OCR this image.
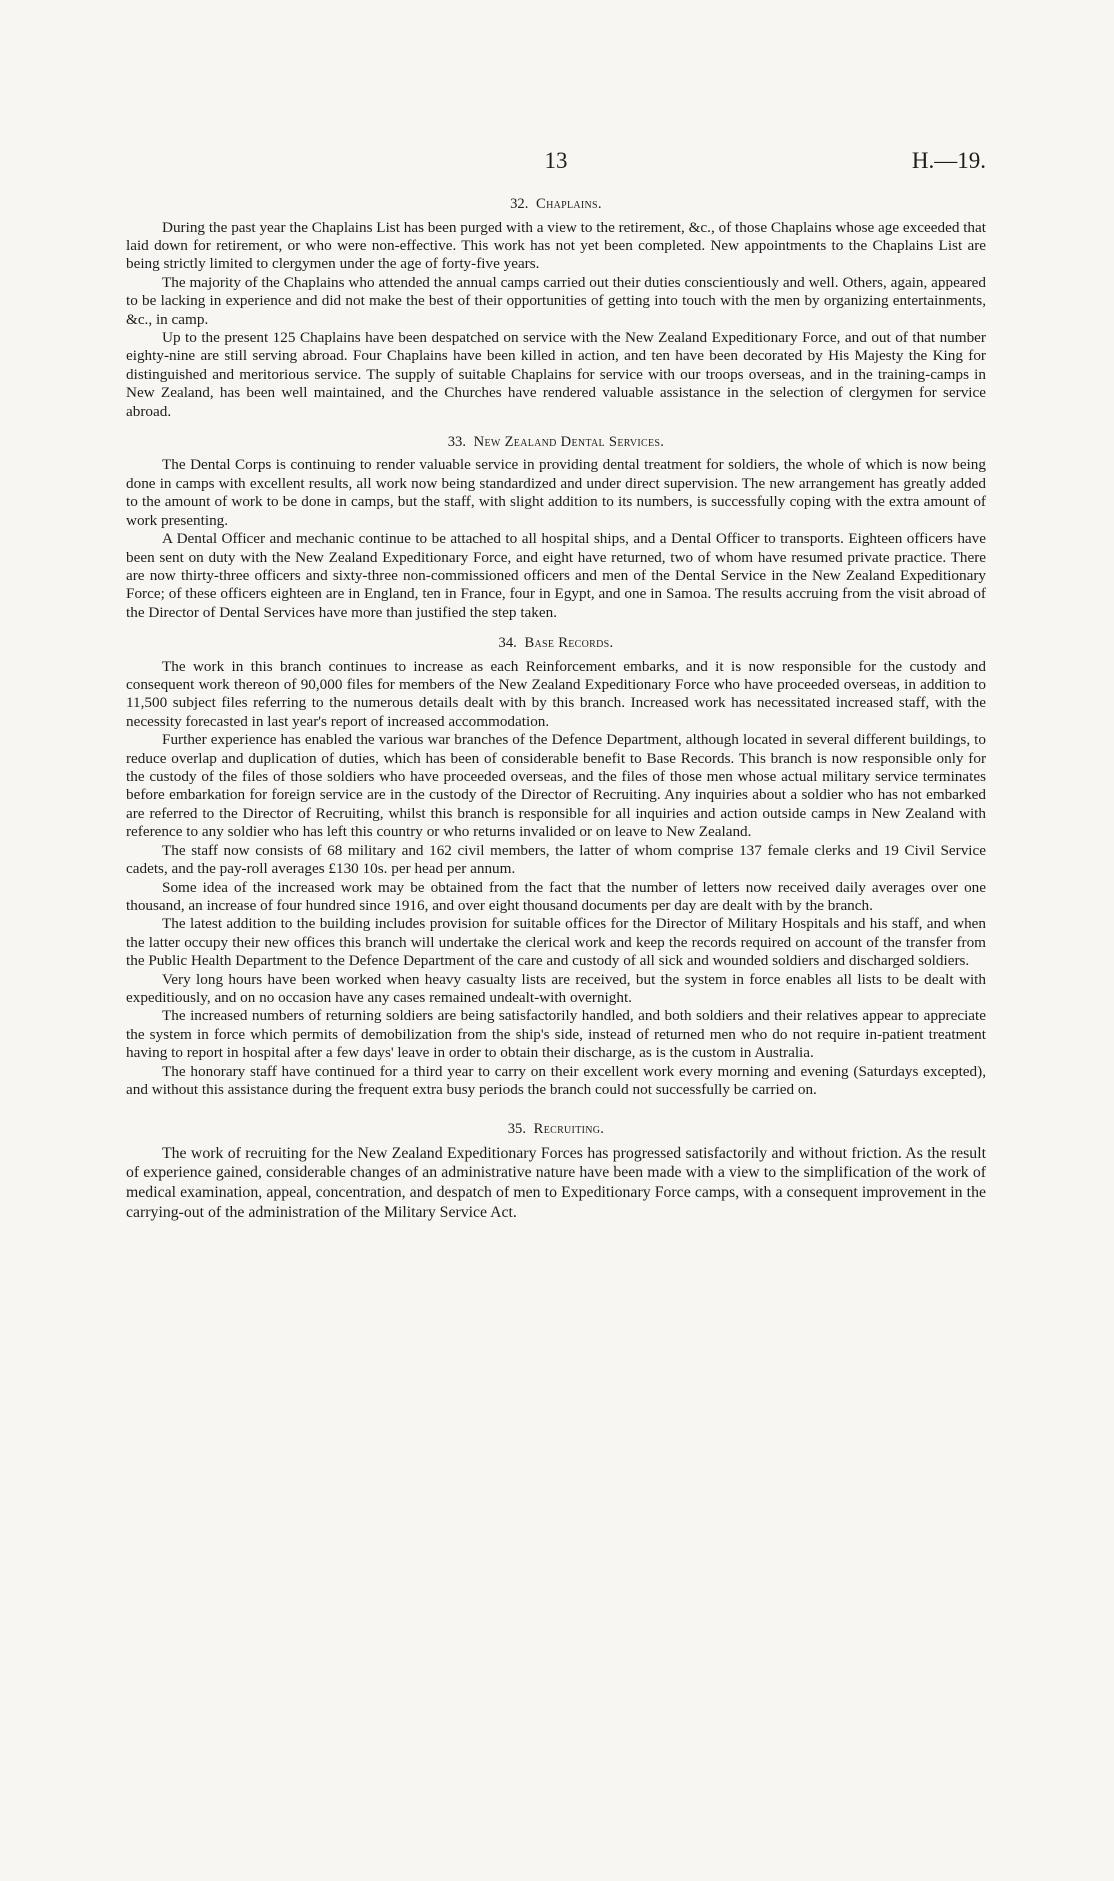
13	H.—19.
32. Chaplains.

During the past year the Chaplains List has been purged with a view to the retirement, &c., of those Chaplains whose age exceeded that laid down for retirement, or who were non-effective. This work has not yet been completed. New appointments to the Chaplains List are being strictly limited to clergymen under the age of forty-five years.

The majority of the Chaplains who attended the annual camps carried out their duties conscientiously and well. Others, again, appeared to be lacking in experience and did not make the best of their opportunities of getting into touch with the men by organizing entertainments, &c., in camp.

Up to the present 125 Chaplains have been despatched on service with the New Zealand Expeditionary Force, and out of that number eighty-nine are still serving abroad. Four Chaplains have been killed in action, and ten have been decorated by His Majesty the King for distinguished and meritorious service. The supply of suitable Chaplains for service with our troops overseas, and in the training-camps in New Zealand, has been well maintained, and the Churches have rendered valuable assistance in the selection of clergymen for service abroad.

33. New Zealand Dental Services.

The Dental Corps is continuing to render valuable service in providing dental treatment for soldiers, the whole of which is now being done in camps with excellent results, all work now being standardized and under direct supervision. The new arrangement has greatly added to the amount of work to be done in camps, but the staff, with slight addition to its numbers, is successfully coping with the extra amount of work presenting.

A Dental Officer and mechanic continue to be attached to all hospital ships, and a Dental Officer to transports. Eighteen officers have been sent on duty with the New Zealand Expeditionary Force, and eight have returned, two of whom have resumed private practice. There are now thirty-three officers and sixty-three non-commissioned officers and men of the Dental Service in the New Zealand Expeditionary Force; of these officers eighteen are in England, ten in France, four in Egypt, and one in Samoa. The results accruing from the visit abroad of the Director of Dental Services have more than justified the step taken.

34. Base Records.

The work in this branch continues to increase as each Reinforcement embarks, and it is now responsible for the custody and consequent work thereon of 90,000 files for members of the New Zealand Expeditionary Force who have proceeded overseas, in addition to 11,500 subject files referring to the numerous details dealt with by this branch. Increased work has necessitated increased staff, with the necessity forecasted in last year's report of increased accommodation.

Further experience has enabled the various war branches of the Defence Department, although located in several different buildings, to reduce overlap and duplication of duties, which has been of considerable benefit to Base Records. This branch is now responsible only for the custody of the files of those soldiers who have proceeded overseas, and the files of those men whose actual military service terminates before embarkation for foreign service are in the custody of the Director of Recruiting. Any inquiries about a soldier who has not embarked are referred to the Director of Recruiting, whilst this branch is responsible for all inquiries and action outside camps in New Zealand with reference to any soldier who has left this country or who returns invalided or on leave to New Zealand.

The staff now consists of 68 military and 162 civil members, the latter of whom comprise 137 female clerks and 19 Civil Service cadets, and the pay-roll averages £130 10s. per head per annum.

Some idea of the increased work may be obtained from the fact that the number of letters now received daily averages over one thousand, an increase of four hundred since 1916, and over eight thousand documents per day are dealt with by the branch.

The latest addition to the building includes provision for suitable offices for the Director of Military Hospitals and his staff, and when the latter occupy their new offices this branch will undertake the clerical work and keep the records required on account of the transfer from the Public Health Department to the Defence Department of the care and custody of all sick and wounded soldiers and discharged soldiers.

Very long hours have been worked when heavy casualty lists are received, but the system in force enables all lists to be dealt with expeditiously, and on no occasion have any cases remained undealt-with overnight.

The increased numbers of returning soldiers are being satisfactorily handled, and both soldiers and their relatives appear to appreciate the system in force which permits of demobilization from the ship's side, instead of returned men who do not require in-patient treatment having to report in hospital after a few days' leave in order to obtain their discharge, as is the custom in Australia.

The honorary staff have continued for a third year to carry on their excellent work every morning and evening (Saturdays excepted), and without this assistance during the frequent extra busy periods the branch could not successfully be carried on.

35. Recruiting.

The work of recruiting for the New Zealand Expeditionary Forces has progressed satisfactorily and without friction. As the result of experience gained, considerable changes of an administrative nature have been made with a view to the simplification of the work of medical examination, appeal, concentration, and despatch of men to Expeditionary Force camps, with a consequent improvement in the carrying-out of the administration of the Military Service Act.
